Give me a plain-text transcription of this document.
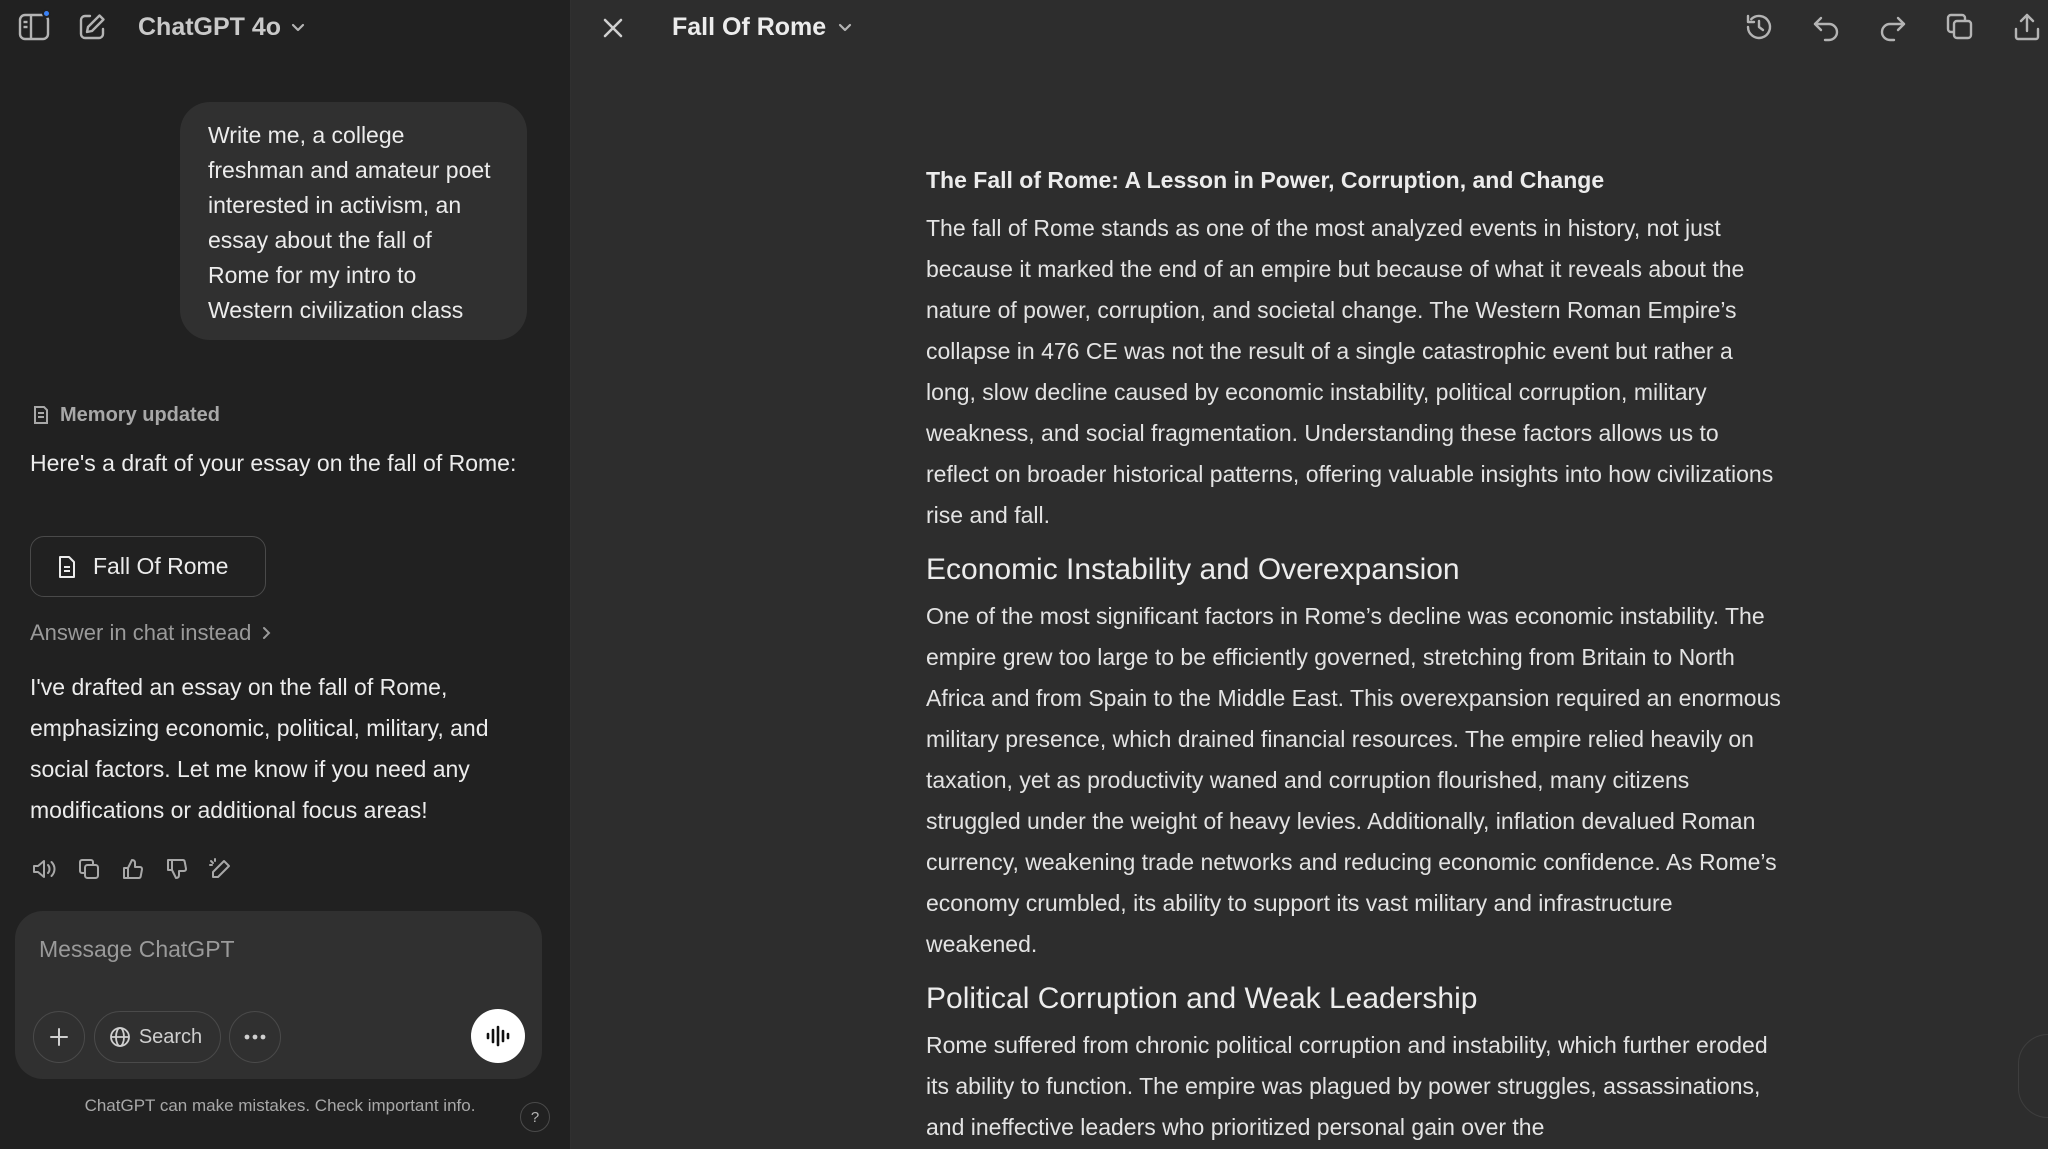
ChatGPT 4o
Write me, a college freshman and amateur poet interested in activism, an essay about the fall of Rome for my intro to Western civilization class
Memory updated
Here's a draft of your essay on the fall of Rome:
Fall Of Rome
Answer in chat instead
I've drafted an essay on the fall of Rome, emphasizing economic, political, military, and social factors. Let me know if you need any modifications or additional focus areas!
Message ChatGPT
Search
ChatGPT can make mistakes. Check important info.
?
Fall Of Rome
The Fall of Rome: A Lesson in Power, Corruption, and Change

The fall of Rome stands as one of the most analyzed events in history, not just because it marked the end of an empire but because of what it reveals about the nature of power, corruption, and societal change. The Western Roman Empire’s collapse in 476 CE was not the result of a single catastrophic event but rather a long, slow decline caused by economic instability, political corruption, military weakness, and social fragmentation. Understanding these factors allows us to reflect on broader historical patterns, offering valuable insights into how civilizations rise and fall.

Economic Instability and Overexpansion

One of the most significant factors in Rome’s decline was economic instability. The empire grew too large to be efficiently governed, stretching from Britain to North Africa and from Spain to the Middle East. This overexpansion required an enormous military presence, which drained financial resources. The empire relied heavily on taxation, yet as productivity waned and corruption flourished, many citizens struggled under the weight of heavy levies. Additionally, inflation devalued Roman currency, weakening trade networks and reducing economic confidence. As Rome’s economy crumbled, its ability to support its vast military and infrastructure weakened.

Political Corruption and Weak Leadership

Rome suffered from chronic political corruption and instability, which further eroded its ability to function. The empire was plagued by power struggles, assassinations, and ineffective leaders who prioritized personal gain over the
